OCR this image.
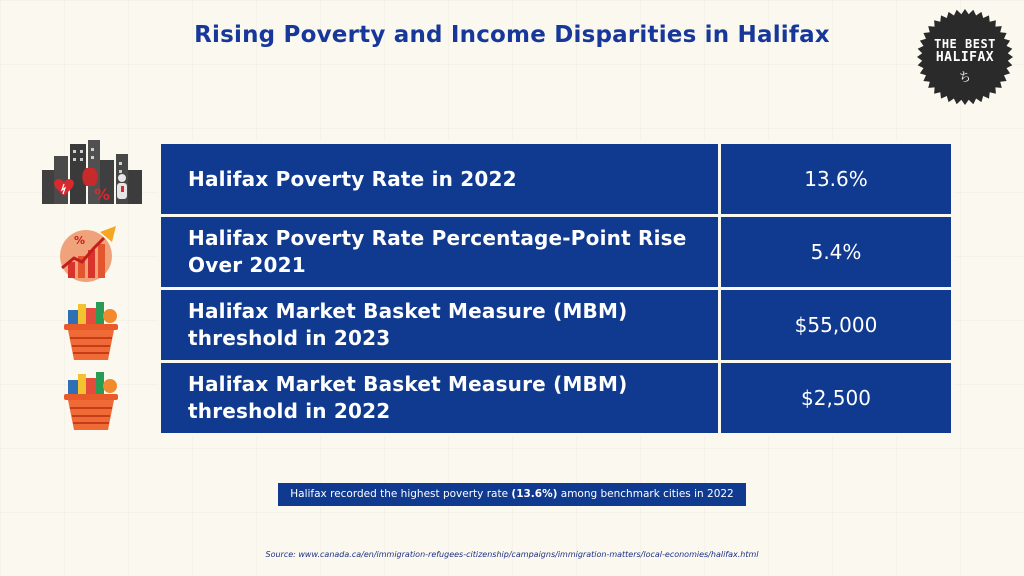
Rising Poverty and Income Disparities in Halifax	THE BEST
HALIFAX
ち
%
%
Halifax Poverty Rate in 2022	13.6%
Halifax Poverty Rate Percentage-Point Rise Over 2021	5.4%
Halifax Market Basket Measure (MBM) threshold in 2023	$55,000
Halifax Market Basket Measure (MBM) threshold in 2022	$2,500
Halifax recorded the highest poverty rate (13.6%) among benchmark cities in 2022
Source: www.canada.ca/en/immigration-refugees-citizenship/campaigns/immigration-matters/local-economies/halifax.html
